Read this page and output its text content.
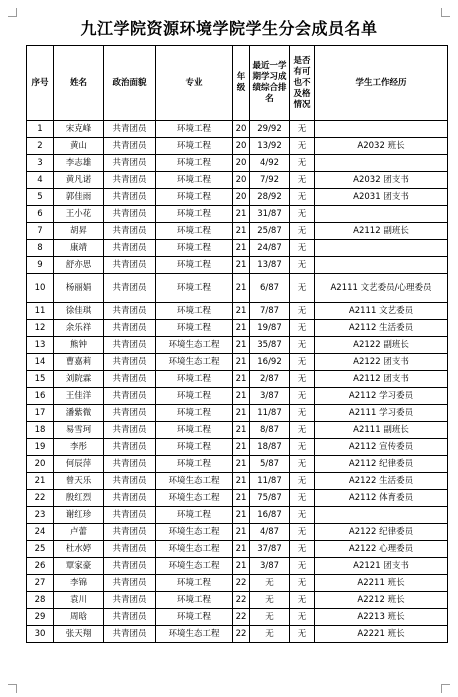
九江学院资源环境学院学生分会成员名单
序号	姓名	政治面貌	专业	年级	最近一学期学习成绩综合排名	是否有可也不及格情况	学生工作经历
1	宋克峰	共青团员	环境工程	20	29/92	无	
2	黄山	共青团员	环境工程	20	13/92	无	A2032 班长
3	李志雄	共青团员	环境工程	20	4/92	无	
4	黄凡诺	共青团员	环境工程	20	7/92	无	A2032 团支书
5	郭佳雨	共青团员	环境工程	20	28/92	无	A2031 团支书
6	王小花	共青团员	环境工程	21	31/87	无	
7	胡昇	共青团员	环境工程	21	25/87	无	A2112 副班长
8	康靖	共青团员	环境工程	21	24/87	无	
9	舒亦思	共青团员	环境工程	21	13/87	无	
10	杨丽娟	共青团员	环境工程	21	6/87	无	A2111 文艺委员/心理委员
11	徐佳琪	共青团员	环境工程	21	7/87	无	A2111 文艺委员
12	余乐祥	共青团员	环境工程	21	19/87	无	A2112 生活委员
13	熊钟	共青团员	环境生态工程	21	35/87	无	A2122 副班长
14	曹嘉莉	共青团员	环境生态工程	21	16/92	无	A2122 团支书
15	刘院霖	共青团员	环境工程	21	2/87	无	A2112 团支书
16	王佳洋	共青团员	环境工程	21	3/87	无	A2112 学习委员
17	潘紫微	共青团员	环境工程	21	11/87	无	A2111 学习委员
18	易雪珂	共青团员	环境工程	21	8/87	无	A2111 副班长
19	李彤	共青团员	环境工程	21	18/87	无	A2112 宣传委员
20	何辰萍	共青团员	环境工程	21	5/87	无	A2112 纪律委员
21	曾天乐	共青团员	环境生态工程	21	11/87	无	A2122 生活委员
22	殷红烈	共青团员	环境生态工程	21	75/87	无	A2112 体育委员
23	谢红珍	共青团员	环境工程	21	16/87	无	
24	卢蕾	共青团员	环境生态工程	21	4/87	无	A2122 纪律委员
25	杜水婷	共青团员	环境生态工程	21	37/87	无	A2122 心理委员
26	覃家豪	共青团员	环境生态工程	21	3/87	无	A2121 团支书
27	李锦	共青团员	环境工程	22	无	无	A2211 班长
28	袁川	共青团员	环境工程	22	无	无	A2212 班长
29	周晗	共青团员	环境工程	22	无	无	A2213 班长
30	张天翔	共青团员	环境生态工程	22	无	无	A2221 班长
